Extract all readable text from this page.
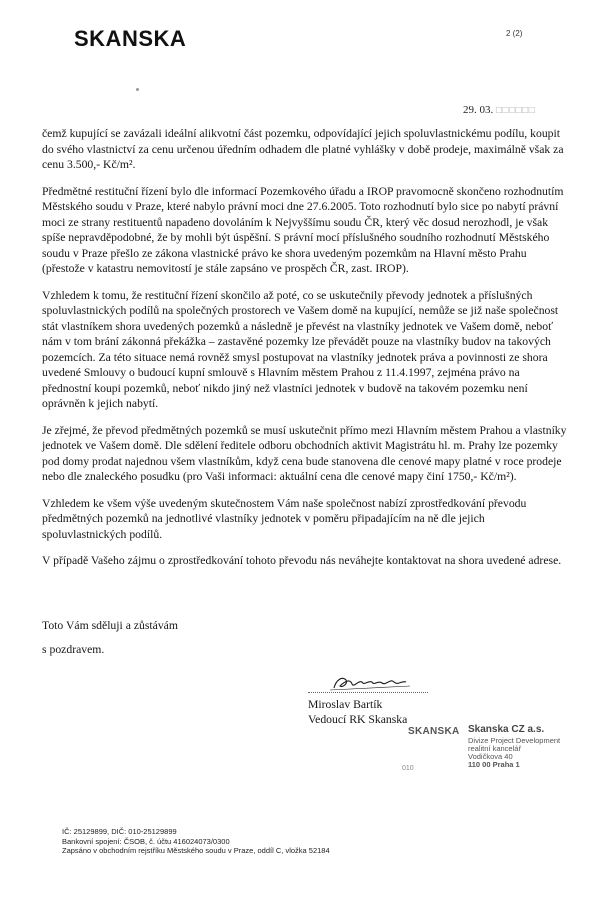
SKANSKA	2 (2)
29. 03. □□□□□□

čemž kupující se zavázali ideální alikvotní část pozemku, odpovídající jejich spoluvlastnickému podílu, koupit do svého vlastnictví za cenu určenou úředním odhadem dle platné vyhlášky v době prodeje, maximálně však za cenu 3.500,- Kč/m².

Předmětné restituční řízení bylo dle informací Pozemkového úřadu a IROP pravomocně skončeno rozhodnutím Městského soudu v Praze, které nabylo právní moci dne 27.6.2005. Toto rozhodnutí bylo sice po nabytí právní moci ze strany restituentů napadeno dovoláním k Nejvyššímu soudu ČR, který věc dosud nerozhodl, je však spíše nepravděpodobné, že by mohli být úspěšní. S právní mocí příslušného soudního rozhodnutí Městského soudu v Praze přešlo ze zákona vlastnické právo ke shora uvedeným pozemkům na Hlavní město Prahu (přestože v katastru nemovitostí je stále zapsáno ve prospěch ČR, zast. IROP).

Vzhledem k tomu, že restituční řízení skončilo až poté, co se uskutečnily převody jednotek a příslušných spoluvlastnických podílů na společných prostorech ve Vašem domě na kupující, nemůže se již naše společnost stát vlastníkem shora uvedených pozemků a následně je převést na vlastníky jednotek ve Vašem domě, neboť nám v tom brání zákonná překážka – zastavěné pozemky lze převádět pouze na vlastníky budov na takových pozemcích. Za této situace nemá rovněž smysl postupovat na vlastníky jednotek práva a povinnosti ze shora uvedené Smlouvy o budoucí kupní smlouvě s Hlavním městem Prahou z 11.4.1997, zejména právo na přednostní koupi pozemků, neboť nikdo jiný než vlastníci jednotek v budově na takovém pozemku není oprávněn k jejich nabytí.

Je zřejmé, že převod předmětných pozemků se musí uskutečnit přímo mezi Hlavním městem Prahou a vlastníky jednotek ve Vašem domě. Dle sdělení ředitele odboru obchodních aktivit Magistrátu hl. m. Prahy lze pozemky pod domy prodat najednou všem vlastníkům, když cena bude stanovena dle cenové mapy platné v roce prodeje nebo dle znaleckého posudku (pro Vaši informaci: aktuální cena dle cenové mapy činí 1750,- Kč/m²).

Vzhledem ke všem výše uvedeným skutečnostem Vám naše společnost nabízí zprostředkování převodu předmětných pozemků na jednotlivé vlastníky jednotek v poměru připadajícím na ně dle jejich spoluvlastnických podílů.

V případě Vašeho zájmu o zprostředkování tohoto převodu nás neváhejte kontaktovat na shora uvedené adrese.

Toto Vám sděluji a zůstávám
s pozdravem.
Miroslav Bartík
Vedoucí RK Skanska
SKANSKA Skanska CZ a.s.
Divize Project Development
realitní kancelář
Vodičkova 40
110 00 Praha 1
010
IČ: 25129899, DIČ: 010-25129899
Bankovní spojení: ČSOB, č. účtu 416024073/0300
Zapsáno v obchodním rejstříku Městského soudu v Praze, oddíl C, vložka 52184
